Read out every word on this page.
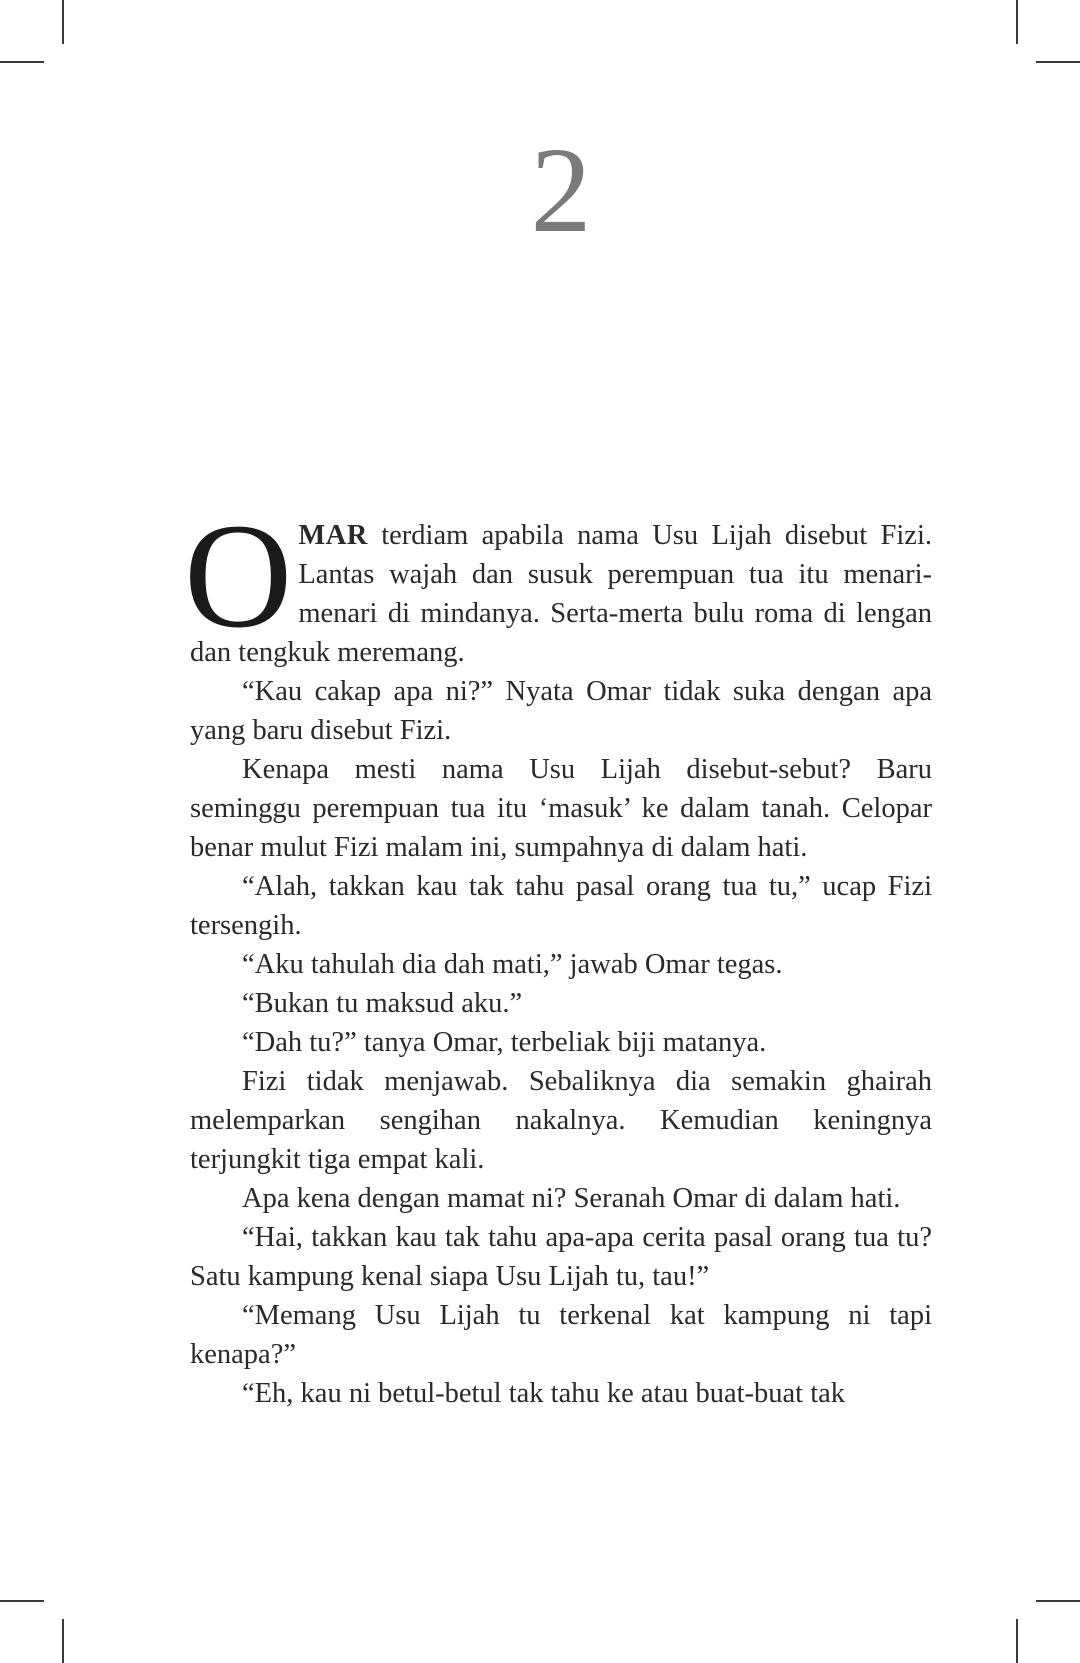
2

OMAR terdiam apabila nama Usu Lijah disebut Fizi. Lantas wajah dan susuk perempuan tua itu menari-menari di mindanya. Serta-merta bulu roma di lengan dan tengkuk meremang.

“Kau cakap apa ni?” Nyata Omar tidak suka dengan apa yang baru disebut Fizi.

Kenapa mesti nama Usu Lijah disebut-sebut? Baru seminggu perempuan tua itu ‘masuk’ ke dalam tanah. Celopar benar mulut Fizi malam ini, sumpahnya di dalam hati.

“Alah, takkan kau tak tahu pasal orang tua tu,” ucap Fizi tersengih.

“Aku tahulah dia dah mati,” jawab Omar tegas.

“Bukan tu maksud aku.”

“Dah tu?” tanya Omar, terbeliak biji matanya.

Fizi tidak menjawab. Sebaliknya dia semakin ghairah melemparkan sengihan nakalnya. Kemudian keningnya terjungkit tiga empat kali.

Apa kena dengan mamat ni? Seranah Omar di dalam hati.

“Hai, takkan kau tak tahu apa-apa cerita pasal orang tua tu? Satu kampung kenal siapa Usu Lijah tu, tau!”

“Memang Usu Lijah tu terkenal kat kampung ni tapi kenapa?”

“Eh, kau ni betul-betul tak tahu ke atau buat-buat tak
